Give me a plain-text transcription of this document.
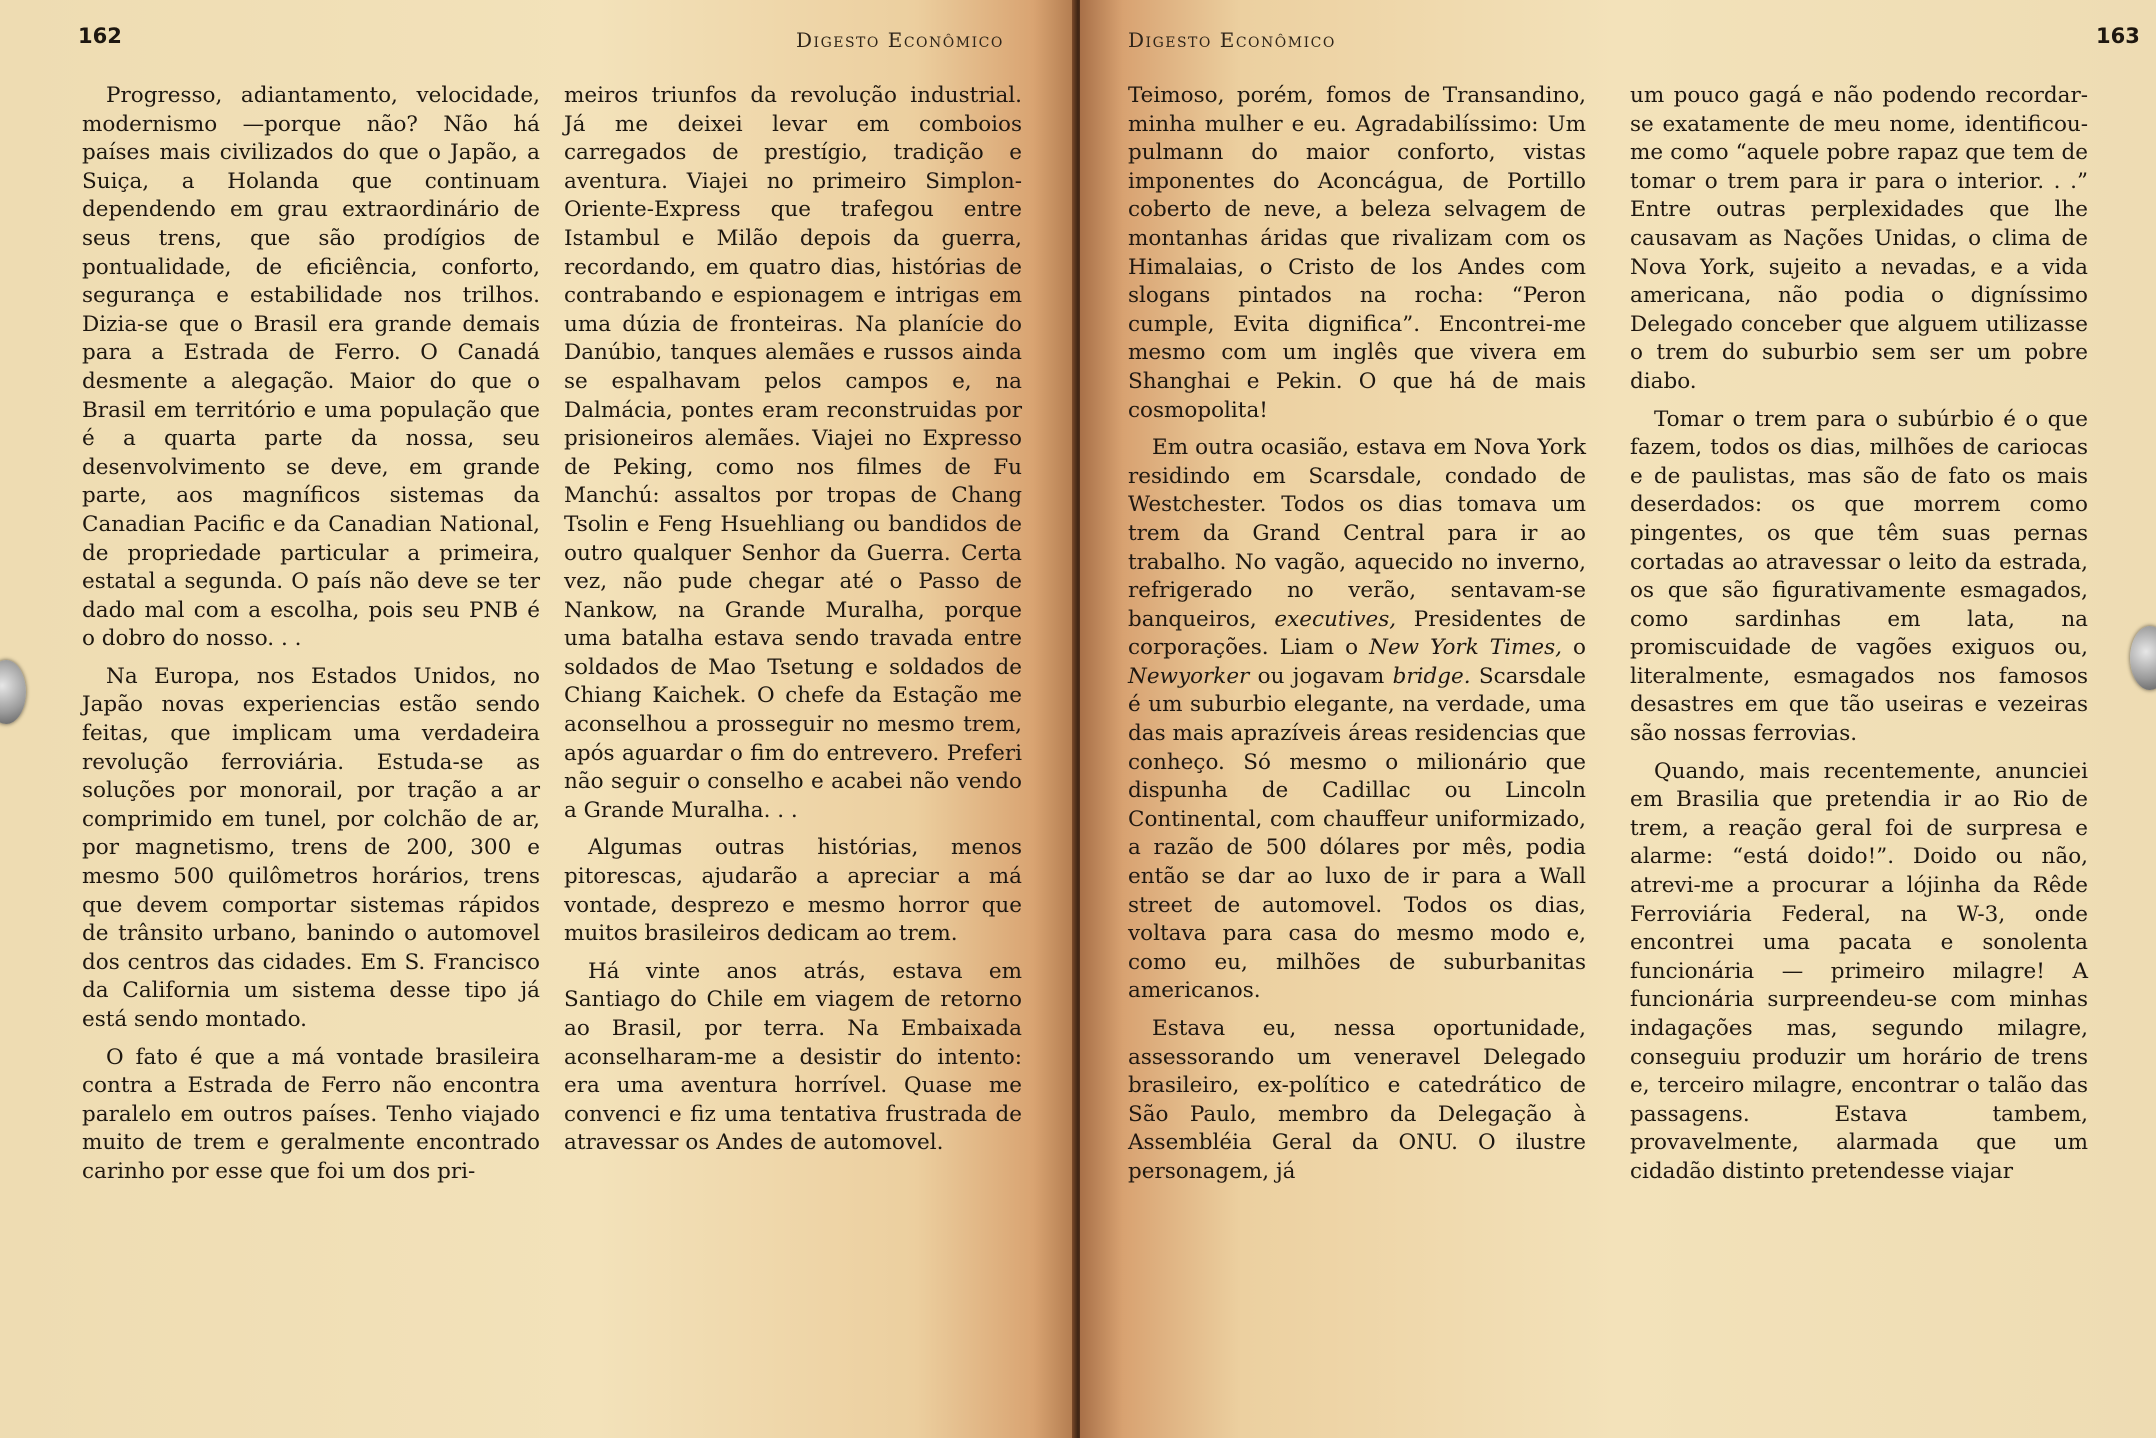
162	Digesto Econômico

Progresso, adiantamento, velocidade, modernismo —porque não? Não há países mais civilizados do que o Japão, a Suiça, a Holanda que continuam dependendo em grau extraordinário de seus trens, que são prodígios de pontualidade, de eficiência, conforto, segurança e estabilidade nos trilhos. Dizia-se que o Brasil era grande demais para a Estrada de Ferro. O Canadá desmente a alegação. Maior do que o Brasil em território e uma população que é a quarta parte da nossa, seu desenvolvimento se deve, em grande parte, aos magníficos sistemas da Canadian Pacific e da Canadian National, de propriedade particular a primeira, estatal a segunda. O país não deve se ter dado mal com a escolha, pois seu PNB é o dobro do nosso. . .

Na Europa, nos Estados Unidos, no Japão novas experiencias estão sendo feitas, que implicam uma verdadeira revolução ferroviária. Estuda-se as soluções por monorail, por tração a ar comprimido em tunel, por colchão de ar, por magnetismo, trens de 200, 300 e mesmo 500 quilômetros horários, trens que devem comportar sistemas rápidos de trânsito urbano, banindo o automovel dos centros das cidades. Em S. Francisco da California um sistema desse tipo já está sendo montado.

O fato é que a má vontade brasileira contra a Estrada de Ferro não encontra paralelo em outros países. Tenho viajado muito de trem e geralmente encontrado carinho por esse que foi um dos pri-

meiros triunfos da revolução industrial. Já me deixei levar em comboios carregados de prestígio, tradição e aventura. Viajei no primeiro Simplon-Oriente-Express que trafegou entre Istambul e Milão depois da guerra, recordando, em quatro dias, histórias de contrabando e espionagem e intrigas em uma dúzia de fronteiras. Na planície do Danúbio, tanques alemães e russos ainda se espalhavam pelos campos e, na Dalmácia, pontes eram reconstruidas por prisioneiros alemães. Viajei no Expresso de Peking, como nos filmes de Fu Manchú: assaltos por tropas de Chang Tsolin e Feng Hsuehliang ou bandidos de outro qualquer Senhor da Guerra. Certa vez, não pude chegar até o Passo de Nankow, na Grande Muralha, porque uma batalha estava sendo travada entre soldados de Mao Tsetung e soldados de Chiang Kaichek. O chefe da Estação me aconselhou a prosseguir no mesmo trem, após aguardar o fim do entrevero. Preferi não seguir o conselho e acabei não vendo a Grande Muralha. . .

Algumas outras histórias, menos pitorescas, ajudarão a apreciar a má vontade, desprezo e mesmo horror que muitos brasileiros dedicam ao trem.

Há vinte anos atrás, estava em Santiago do Chile em viagem de retorno ao Brasil, por terra. Na Embaixada aconselharam-me a desistir do intento: era uma aventura horrível. Quase me convenci e fiz uma tentativa frustrada de atravessar os Andes de automovel.

Digesto Econômico	163

Teimoso, porém, fomos de Transandino, minha mulher e eu. Agradabilíssimo: Um pulmann do maior conforto, vistas imponentes do Aconcágua, de Portillo coberto de neve, a beleza selvagem de montanhas áridas que rivalizam com os Himalaias, o Cristo de los Andes com slogans pintados na rocha: “Peron cumple, Evita dignifica”. Encontrei-me mesmo com um inglês que vivera em Shanghai e Pekin. O que há de mais cosmopolita!

Em outra ocasião, estava em Nova York residindo em Scarsdale, condado de Westchester. Todos os dias tomava um trem da Grand Central para ir ao trabalho. No vagão, aquecido no inverno, refrigerado no verão, sentavam-se banqueiros, executives, Presidentes de corporações. Liam o New York Times, o Newyorker ou jogavam bridge. Scarsdale é um suburbio elegante, na verdade, uma das mais aprazíveis áreas residencias que conheço. Só mesmo o milionário que dispunha de Cadillac ou Lincoln Continental, com chauffeur uniformizado, a razão de 500 dólares por mês, podia então se dar ao luxo de ir para a Wall street de automovel. Todos os dias, voltava para casa do mesmo modo e, como eu, milhões de suburbanitas americanos.

Estava eu, nessa oportunidade, assessorando um veneravel Delegado brasileiro, ex-político e catedrático de São Paulo, membro da Delegação à Assembléia Geral da ONU. O ilustre personagem, já

um pouco gagá e não podendo recordar-se exatamente de meu nome, identificou-me como “aquele pobre rapaz que tem de tomar o trem para ir para o interior. . .” Entre outras perplexidades que lhe causavam as Nações Unidas, o clima de Nova York, sujeito a nevadas, e a vida americana, não podia o digníssimo Delegado conceber que alguem utilizasse o trem do suburbio sem ser um pobre diabo.

Tomar o trem para o subúrbio é o que fazem, todos os dias, milhões de cariocas e de paulistas, mas são de fato os mais deserdados: os que morrem como pingentes, os que têm suas pernas cortadas ao atravessar o leito da estrada, os que são figurativamente esmagados, como sardinhas em lata, na promiscuidade de vagões exiguos ou, literalmente, esmagados nos famosos desastres em que tão useiras e vezeiras são nossas ferrovias.

Quando, mais recentemente, anunciei em Brasilia que pretendia ir ao Rio de trem, a reação geral foi de surpresa e alarme: “está doido!”. Doido ou não, atrevi-me a procurar a lójinha da Rêde Ferroviária Federal, na W-3, onde encontrei uma pacata e sonolenta funcionária — primeiro milagre! A funcionária surpreendeu-se com minhas indagações mas, segundo milagre, conseguiu produzir um horário de trens e, terceiro milagre, encontrar o talão das passagens. Estava tambem, provavelmente, alarmada que um cidadão distinto pretendesse viajar
